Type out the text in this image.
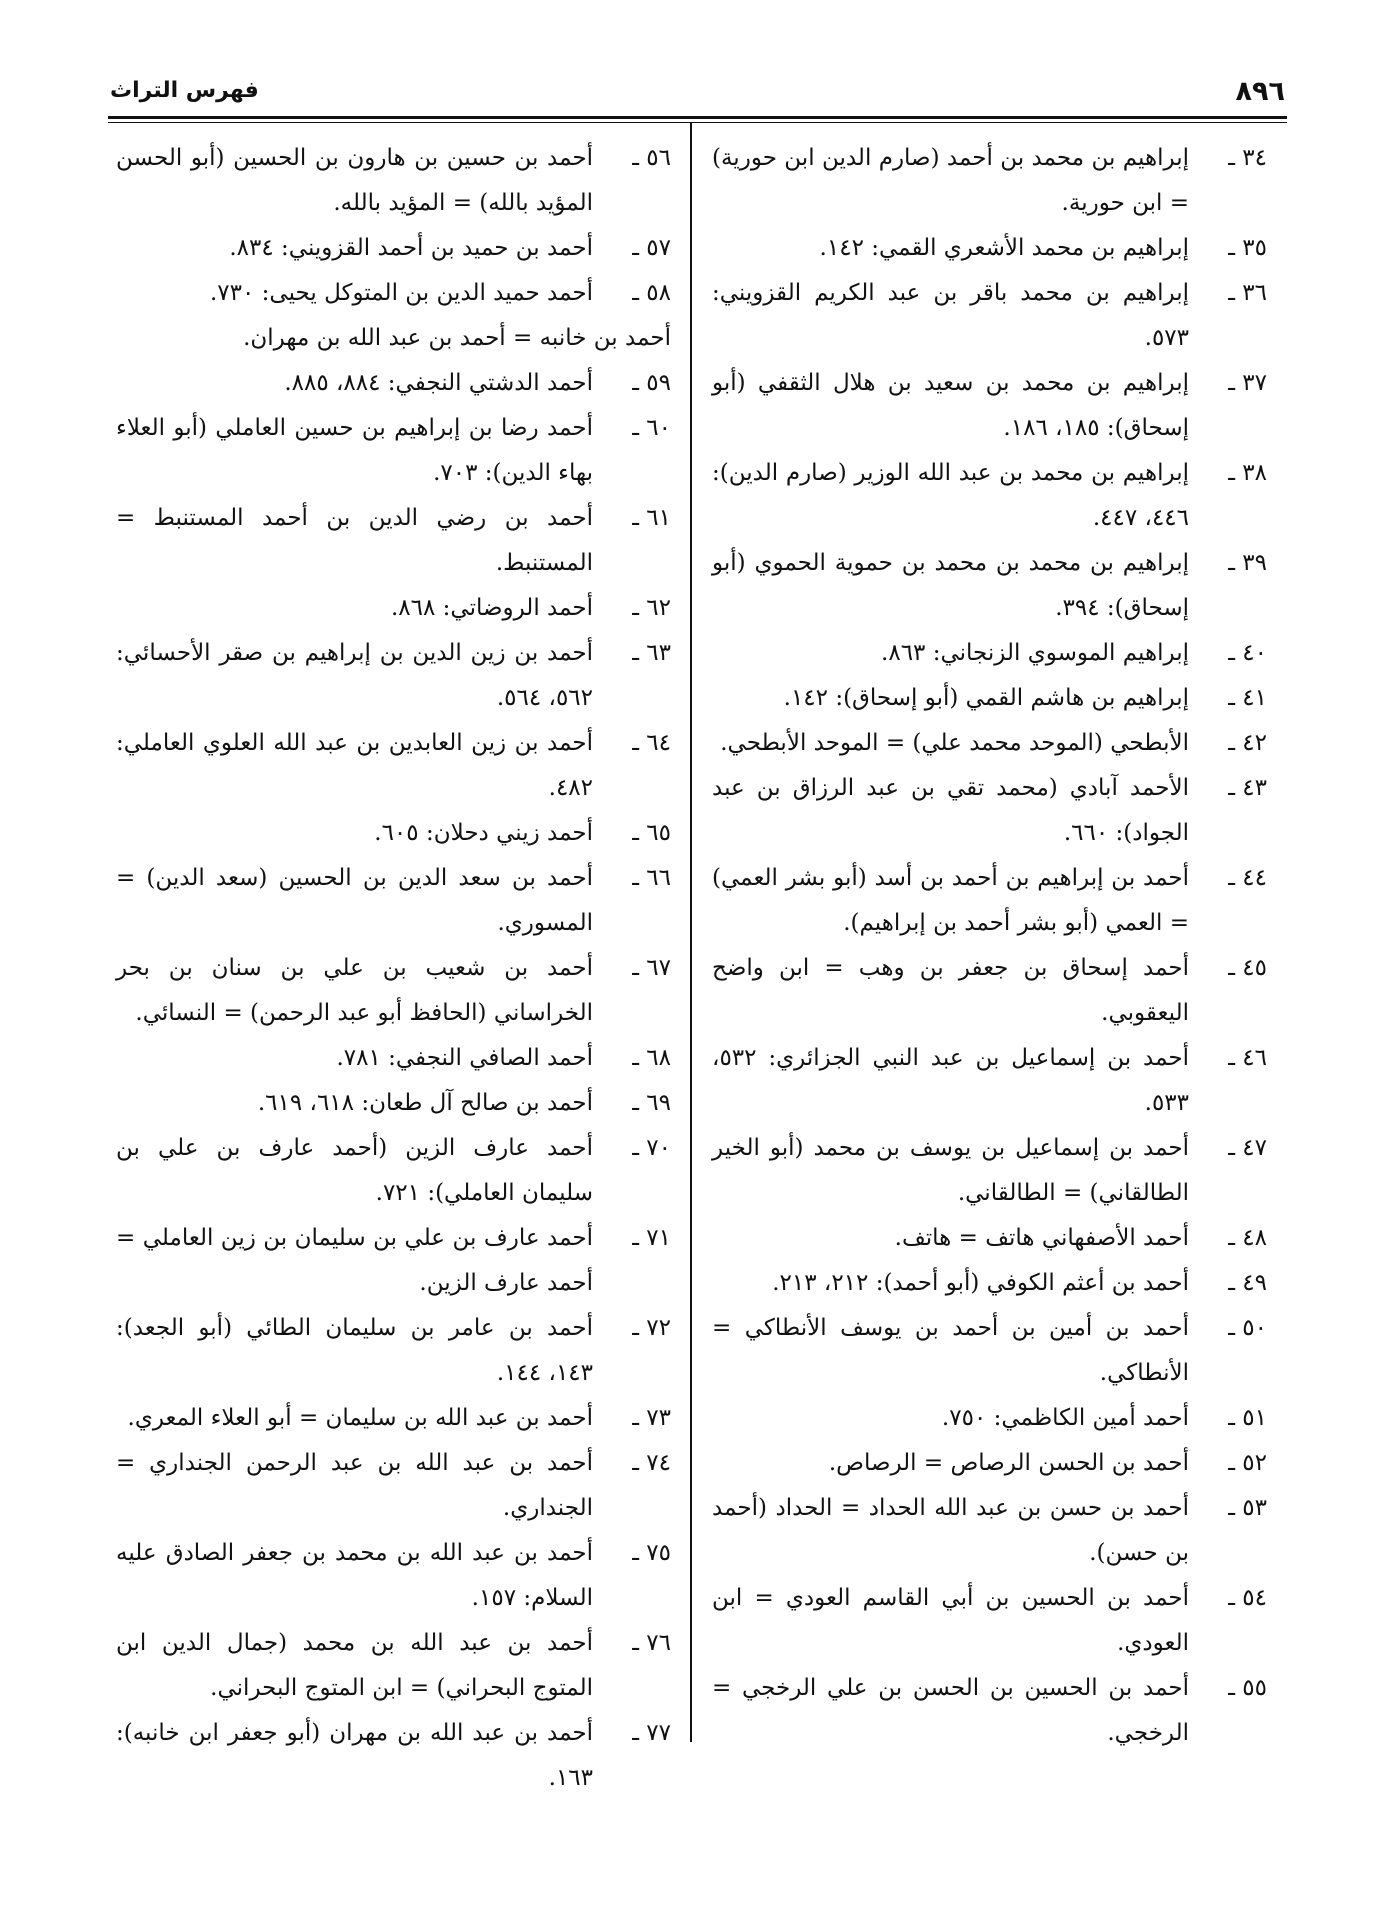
٨٩٦
فهرس التراث
٣٤ ـ
إبراهيم بن محمد بن أحمد (صارم الدين ابن حورية) = ابن حورية.
٣٥ ـ
إبراهيم بن محمد الأشعري القمي: ١٤٢.
٣٦ ـ
إبراهيم بن محمد باقر بن عبد الكريم القزويني: ٥٧٣.
٣٧ ـ
إبراهيم بن محمد بن سعيد بن هلال الثقفي (أبو إسحاق): ١٨٥، ١٨٦.
٣٨ ـ
إبراهيم بن محمد بن عبد الله الوزير (صارم الدين): ٤٤٦، ٤٤٧.
٣٩ ـ
إبراهيم بن محمد بن محمد بن حموية الحموي (أبو إسحاق): ٣٩٤.
٤٠ ـ
إبراهيم الموسوي الزنجاني: ٨٦٣.
٤١ ـ
إبراهيم بن هاشم القمي (أبو إسحاق): ١٤٢.
٤٢ ـ
الأبطحي (الموحد محمد علي) = الموحد الأبطحي.
٤٣ ـ
الأحمد آبادي (محمد تقي بن عبد الرزاق بن عبد الجواد): ٦٦٠.
٤٤ ـ
أحمد بن إبراهيم بن أحمد بن أسد (أبو بشر العمي) = العمي (أبو بشر أحمد بن إبراهيم).
٤٥ ـ
أحمد إسحاق بن جعفر بن وهب = ابن واضح اليعقوبي.
٤٦ ـ
أحمد بن إسماعيل بن عبد النبي الجزائري: ٥٣٢، ٥٣٣.
٤٧ ـ
أحمد بن إسماعيل بن يوسف بن محمد (أبو الخير الطالقاني) = الطالقاني.
٤٨ ـ
أحمد الأصفهاني هاتف = هاتف.
٤٩ ـ
أحمد بن أعثم الكوفي (أبو أحمد): ٢١٢، ٢١٣.
٥٠ ـ
أحمد بن أمين بن أحمد بن يوسف الأنطاكي = الأنطاكي.
٥١ ـ
أحمد أمين الكاظمي: ٧٥٠.
٥٢ ـ
أحمد بن الحسن الرصاص = الرصاص.
٥٣ ـ
أحمد بن حسن بن عبد الله الحداد = الحداد (أحمد بن حسن).
٥٤ ـ
أحمد بن الحسين بن أبي القاسم العودي = ابن العودي.
٥٥ ـ
أحمد بن الحسين بن الحسن بن علي الرخجي = الرخجي.
٥٦ ـ
أحمد بن حسين بن هارون بن الحسين (أبو الحسن المؤيد بالله) = المؤيد بالله.
٥٧ ـ
أحمد بن حميد بن أحمد القزويني: ٨٣٤.
٥٨ ـ
أحمد حميد الدين بن المتوكل يحيى: ٧٣٠.
أحمد بن خانبه = أحمد بن عبد الله بن مهران.
٥٩ ـ
أحمد الدشتي النجفي: ٨٨٤، ٨٨٥.
٦٠ ـ
أحمد رضا بن إبراهيم بن حسين العاملي (أبو العلاء بهاء الدين): ٧٠٣.
٦١ ـ
أحمد بن رضي الدين بن أحمد المستنبط = المستنبط.
٦٢ ـ
أحمد الروضاتي: ٨٦٨.
٦٣ ـ
أحمد بن زين الدين بن إبراهيم بن صقر الأحسائي: ٥٦٢، ٥٦٤.
٦٤ ـ
أحمد بن زين العابدين بن عبد الله العلوي العاملي: ٤٨٢.
٦٥ ـ
أحمد زيني دحلان: ٦٠٥.
٦٦ ـ
أحمد بن سعد الدين بن الحسين (سعد الدين) = المسوري.
٦٧ ـ
أحمد بن شعيب بن علي بن سنان بن بحر الخراساني (الحافظ أبو عبد الرحمن) = النسائي.
٦٨ ـ
أحمد الصافي النجفي: ٧٨١.
٦٩ ـ
أحمد بن صالح آل طعان: ٦١٨، ٦١٩.
٧٠ ـ
أحمد عارف الزين (أحمد عارف بن علي بن سليمان العاملي): ٧٢١.
٧١ ـ
أحمد عارف بن علي بن سليمان بن زين العاملي = أحمد عارف الزين.
٧٢ ـ
أحمد بن عامر بن سليمان الطائي (أبو الجعد): ١٤٣، ١٤٤.
٧٣ ـ
أحمد بن عبد الله بن سليمان = أبو العلاء المعري.
٧٤ ـ
أحمد بن عبد الله بن عبد الرحمن الجنداري = الجنداري.
٧٥ ـ
أحمد بن عبد الله بن محمد بن جعفر الصادق عليه السلام: ١٥٧.
٧٦ ـ
أحمد بن عبد الله بن محمد (جمال الدين ابن المتوج البحراني) = ابن المتوج البحراني.
٧٧ ـ
أحمد بن عبد الله بن مهران (أبو جعفر ابن خانبه): ١٦٣.
